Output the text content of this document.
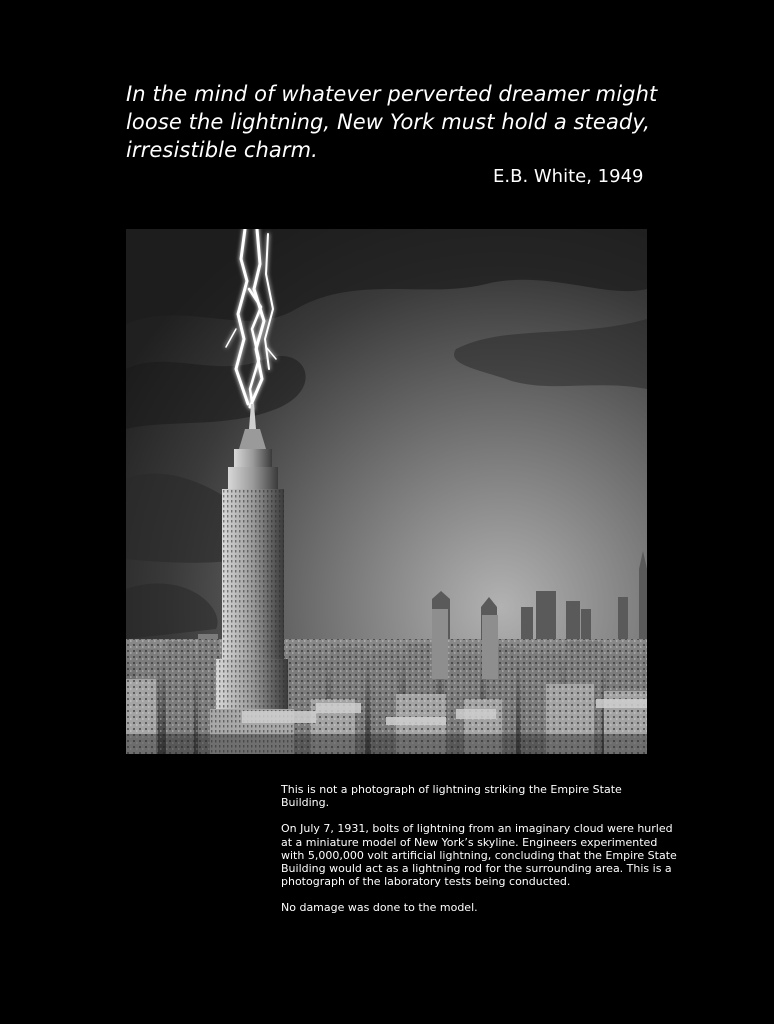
In the mind of whatever perverted dreamer might
loose the lightning, New York must hold a steady,
irresistible charm.

E.B. White, 1949

This is not a photograph of lightning striking the Empire State Building.

On July 7, 1931, bolts of lightning from an imaginary cloud were hurled
at a miniature model of New York’s skyline. Engineers experimented
with 5,000,000 volt artificial lightning, concluding that the Empire State
Building would act as a lightning rod for the surrounding area. This is a
photograph of the laboratory tests being conducted.

No damage was done to the model.
